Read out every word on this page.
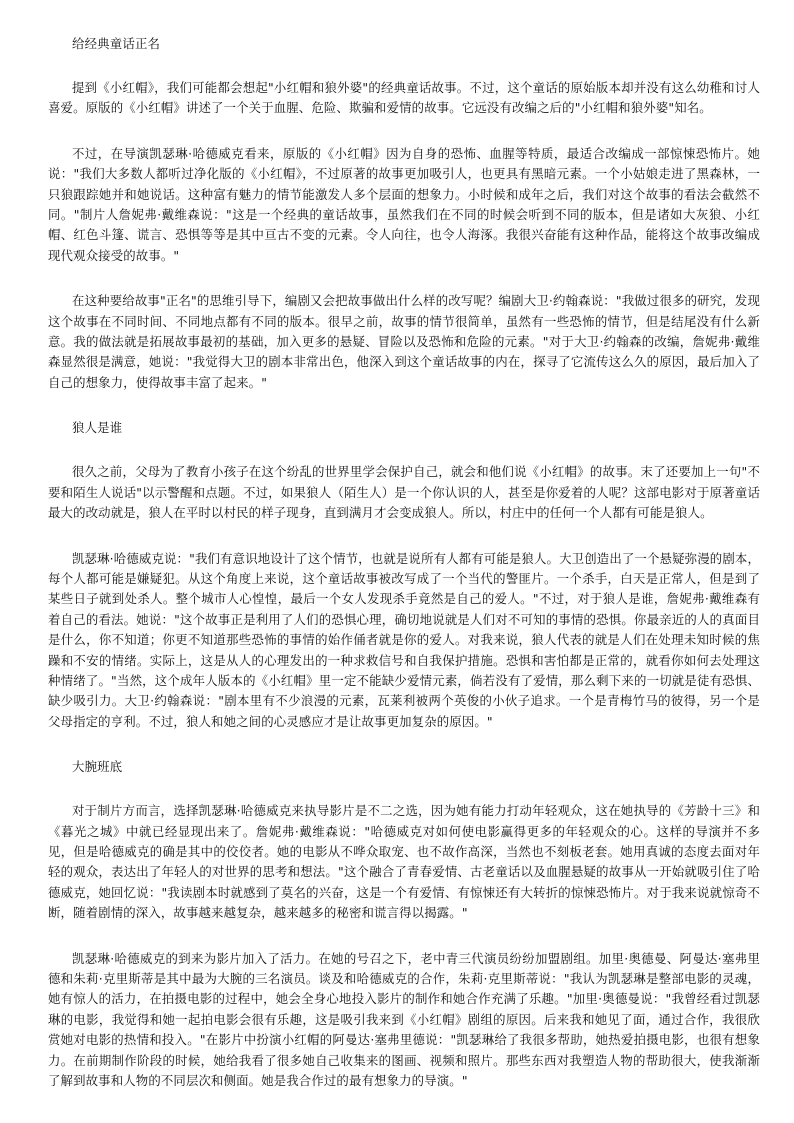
给经典童话正名

提到《小红帽》，我们可能都会想起"小红帽和狼外婆"的经典童话故事。不过，这个童话的原始版本却并没有这么幼稚和讨人喜爱。原版的《小红帽》讲述了一个关于血腥、危险、欺骗和爱情的故事。它远没有改编之后的"小红帽和狼外婆"知名。

不过，在导演凯瑟琳·哈德威克看来，原版的《小红帽》因为自身的恐怖、血腥等特质，最适合改编成一部惊悚恐怖片。她说："我们大多数人都听过净化版的《小红帽》，不过原著的故事更加吸引人，也更具有黑暗元素。一个小姑娘走进了黑森林，一只狼跟踪她并和她说话。这种富有魅力的情节能激发人多个层面的想象力。小时候和成年之后，我们对这个故事的看法会截然不同。"制片人詹妮弗·戴维森说："这是一个经典的童话故事，虽然我们在不同的时候会听到不同的版本，但是诸如大灰狼、小红帽、红色斗篷、谎言、恐惧等等是其中亘古不变的元素。令人向往，也令人海涿。我很兴奋能有这种作品，能将这个故事改编成现代观众接受的故事。"

在这种要给故事"正名"的思维引导下，编剧又会把故事做出什么样的改写呢？编剧大卫·约翰森说："我做过很多的研究，发现这个故事在不同时间、不同地点都有不同的版本。很早之前，故事的情节很简单，虽然有一些恐怖的情节，但是结尾没有什么新意。我的做法就是拓展故事最初的基础，加入更多的悬疑、冒险以及恐怖和危险的元素。"对于大卫·约翰森的改编，詹妮弗·戴维森显然很是满意，她说："我觉得大卫的剧本非常出色，他深入到这个童话故事的内在，探寻了它流传这么久的原因，最后加入了自己的想象力，使得故事丰富了起来。"

狼人是谁

很久之前，父母为了教育小孩子在这个纷乱的世界里学会保护自己，就会和他们说《小红帽》的故事。末了还要加上一句"不要和陌生人说话"以示警醒和点题。不过，如果狼人（陌生人）是一个你认识的人，甚至是你爱着的人呢？这部电影对于原著童话最大的改动就是，狼人在平时以村民的样子现身，直到满月才会变成狼人。所以，村庄中的任何一个人都有可能是狼人。

凯瑟琳·哈德威克说："我们有意识地设计了这个情节，也就是说所有人都有可能是狼人。大卫创造出了一个悬疑弥漫的剧本，每个人都可能是嫌疑犯。从这个角度上来说，这个童话故事被改写成了一个当代的警匪片。一个杀手，白天是正常人，但是到了某些日子就到处杀人。整个城市人心惶惶，最后一个女人发现杀手竟然是自己的爱人。"不过，对于狼人是谁，詹妮弗·戴维森有着自己的看法。她说："这个故事正是利用了人们的恐惧心理，确切地说就是人们对不可知的事情的恐惧。你最亲近的人的真面目是什么，你不知道；你更不知道那些恐怖的事情的始作俑者就是你的爱人。对我来说，狼人代表的就是人们在处理未知时候的焦躁和不安的情绪。实际上，这是从人的心理发出的一种求救信号和自我保护措施。恐惧和害怕都是正常的，就看你如何去处理这种情绪了。"当然，这个成年人版本的《小红帽》里一定不能缺少爱情元素，倘若没有了爱情，那么剩下来的一切就是徒有恐惧、缺少吸引力。大卫·约翰森说："剧本里有不少浪漫的元素，瓦莱利被两个英俊的小伙子追求。一个是青梅竹马的彼得，另一个是父母指定的亨利。不过，狼人和她之间的心灵感应才是让故事更加复杂的原因。"

大腕班底

对于制片方而言，选择凯瑟琳·哈德威克来执导影片是不二之选，因为她有能力打动年轻观众，这在她执导的《芳龄十三》和《暮光之城》中就已经显现出来了。詹妮弗·戴维森说："哈德威克对如何使电影赢得更多的年轻观众的心。这样的导演并不多见，但是哈德威克的确是其中的佼佼者。她的电影从不哗众取宠、也不故作高深，当然也不刻板老套。她用真诚的态度去面对年轻的观众，表达出了年轻人的对世界的思考和想法。"这个融合了青春爱情、古老童话以及血腥悬疑的故事从一开始就吸引住了哈德威克，她回忆说："我读剧本时就感到了莫名的兴奋，这是一个有爱情、有惊悚还有大转折的惊悚恐怖片。对于我来说就惊奇不断，随着剧情的深入，故事越来越复杂，越来越多的秘密和谎言得以揭露。"

凯瑟琳·哈德威克的到来为影片加入了活力。在她的号召之下，老中青三代演员纷纷加盟剧组。加里·奥德曼、阿曼达·塞弗里德和朱莉·克里斯蒂是其中最为大腕的三名演员。谈及和哈德威克的合作，朱莉·克里斯蒂说："我认为凯瑟琳是整部电影的灵魂，她有惊人的活力，在拍摄电影的过程中，她会全身心地投入影片的制作和她合作充满了乐趣。"加里·奥德曼说："我曾经看过凯瑟琳的电影，我觉得和她一起拍电影会很有乐趣，这是吸引我来到《小红帽》剧组的原因。后来我和她见了面，通过合作，我很欣赏她对电影的热情和投入。"在影片中扮演小红帽的阿曼达·塞弗里德说："凯瑟琳给了我很多帮助，她热爱拍摄电影，也很有想象力。在前期制作阶段的时候，她给我看了很多她自己收集来的图画、视频和照片。那些东西对我塑造人物的帮助很大，使我渐渐了解到故事和人物的不同层次和侧面。她是我合作过的最有想象力的导演。"
